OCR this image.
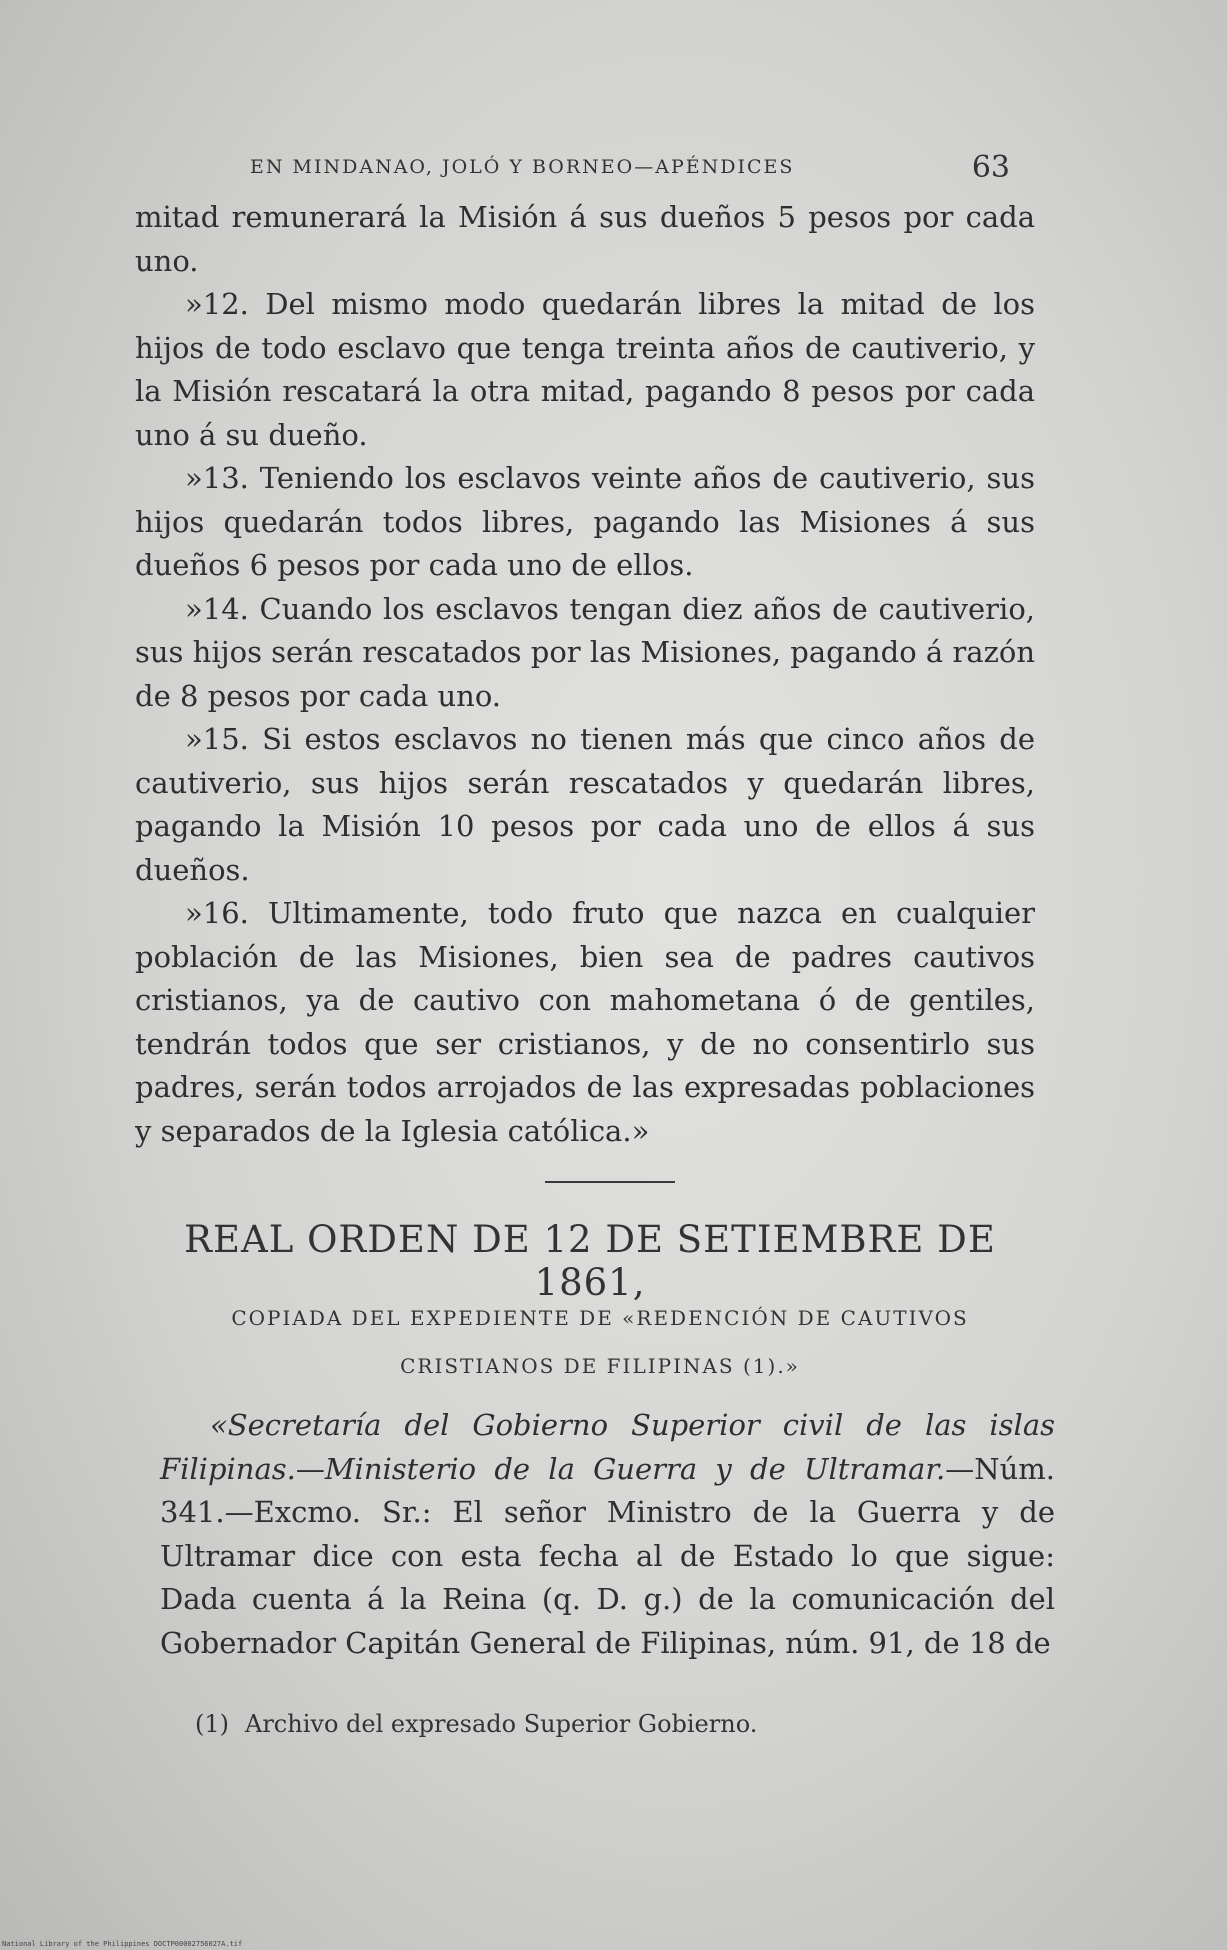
EN MINDANAO, JOLÓ Y BORNEO—APÉNDICES	63

mitad remunerará la Misión á sus dueños 5 pesos por cada uno.

»12. Del mismo modo quedarán libres la mitad de los hijos de todo esclavo que tenga treinta años de cautiverio, y la Misión rescatará la otra mitad, pagando 8 pesos por cada uno á su dueño.

»13. Teniendo los esclavos veinte años de cautiverio, sus hijos quedarán todos libres, pagando las Misiones á sus dueños 6 pesos por cada uno de ellos.

»14. Cuando los esclavos tengan diez años de cautiverio, sus hijos serán rescatados por las Misiones, pagando á razón de 8 pesos por cada uno.

»15. Si estos esclavos no tienen más que cinco años de cautiverio, sus hijos serán rescatados y quedarán libres, pagando la Misión 10 pesos por cada uno de ellos á sus dueños.

»16. Ultimamente, todo fruto que nazca en cualquier población de las Misiones, bien sea de padres cautivos cristianos, ya de cautivo con mahometana ó de gentiles, tendrán todos que ser cristianos, y de no consentirlo sus padres, serán todos arrojados de las expresadas poblaciones y separados de la Iglesia católica.»

REAL ORDEN DE 12 DE SETIEMBRE DE 1861,
COPIADA DEL EXPEDIENTE DE «REDENCIÓN DE CAUTIVOS
CRISTIANOS DE FILIPINAS (1).»
«Secretaría del Gobierno Superior civil de las islas Filipinas.—Ministerio de la Guerra y de Ultramar.—Núm. 341.—Excmo. Sr.: El señor Ministro de la Guerra y de Ultramar dice con esta fecha al de Estado lo que sigue: Dada cuenta á la Reina (q. D. g.) de la comunicación del Gobernador Capitán General de Filipinas, núm. 91, de 18 de
(1) Archivo del expresado Superior Gobierno.
National Library of the Philippines DOCTP00002756027A.tif
